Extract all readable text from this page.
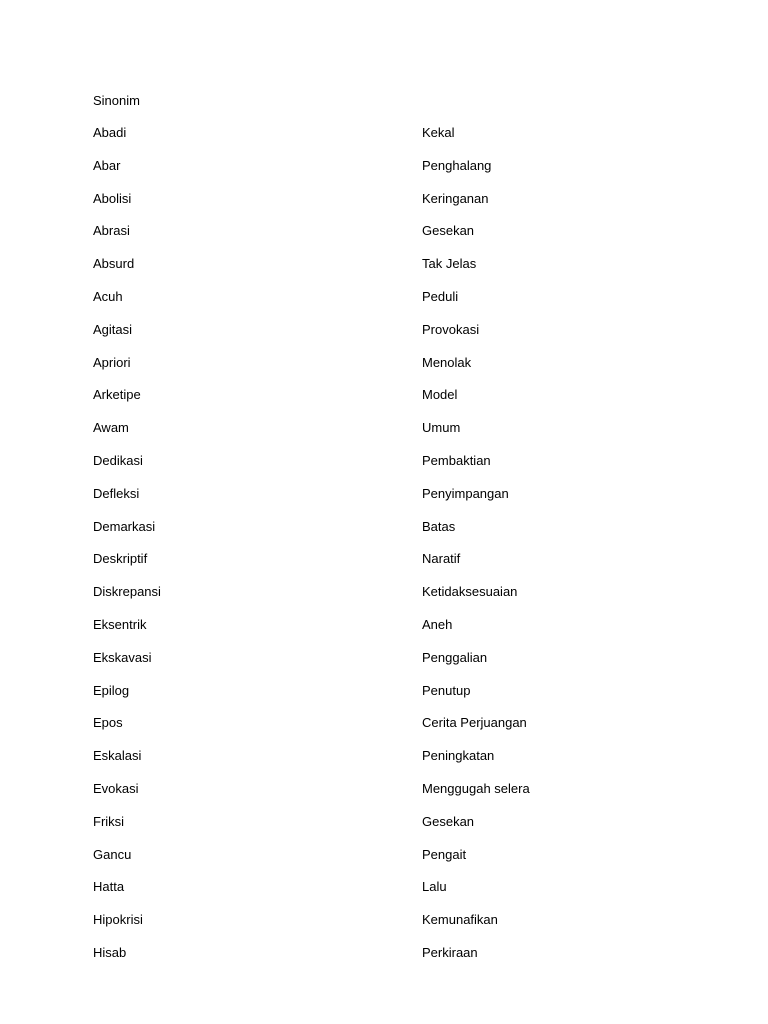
Sinonim
Abadi	Kekal
Abar	Penghalang
Abolisi	Keringanan
Abrasi	Gesekan
Absurd	Tak Jelas
Acuh	Peduli
Agitasi	Provokasi
Apriori	Menolak
Arketipe	Model
Awam	Umum
Dedikasi	Pembaktian
Defleksi	Penyimpangan
Demarkasi	Batas
Deskriptif	Naratif
Diskrepansi	Ketidaksesuaian
Eksentrik	Aneh
Ekskavasi	Penggalian
Epilog	Penutup
Epos	Cerita Perjuangan
Eskalasi	Peningkatan
Evokasi	Menggugah selera
Friksi	Gesekan
Gancu	Pengait
Hatta	Lalu
Hipokrisi	Kemunafikan
Hisab	Perkiraan
